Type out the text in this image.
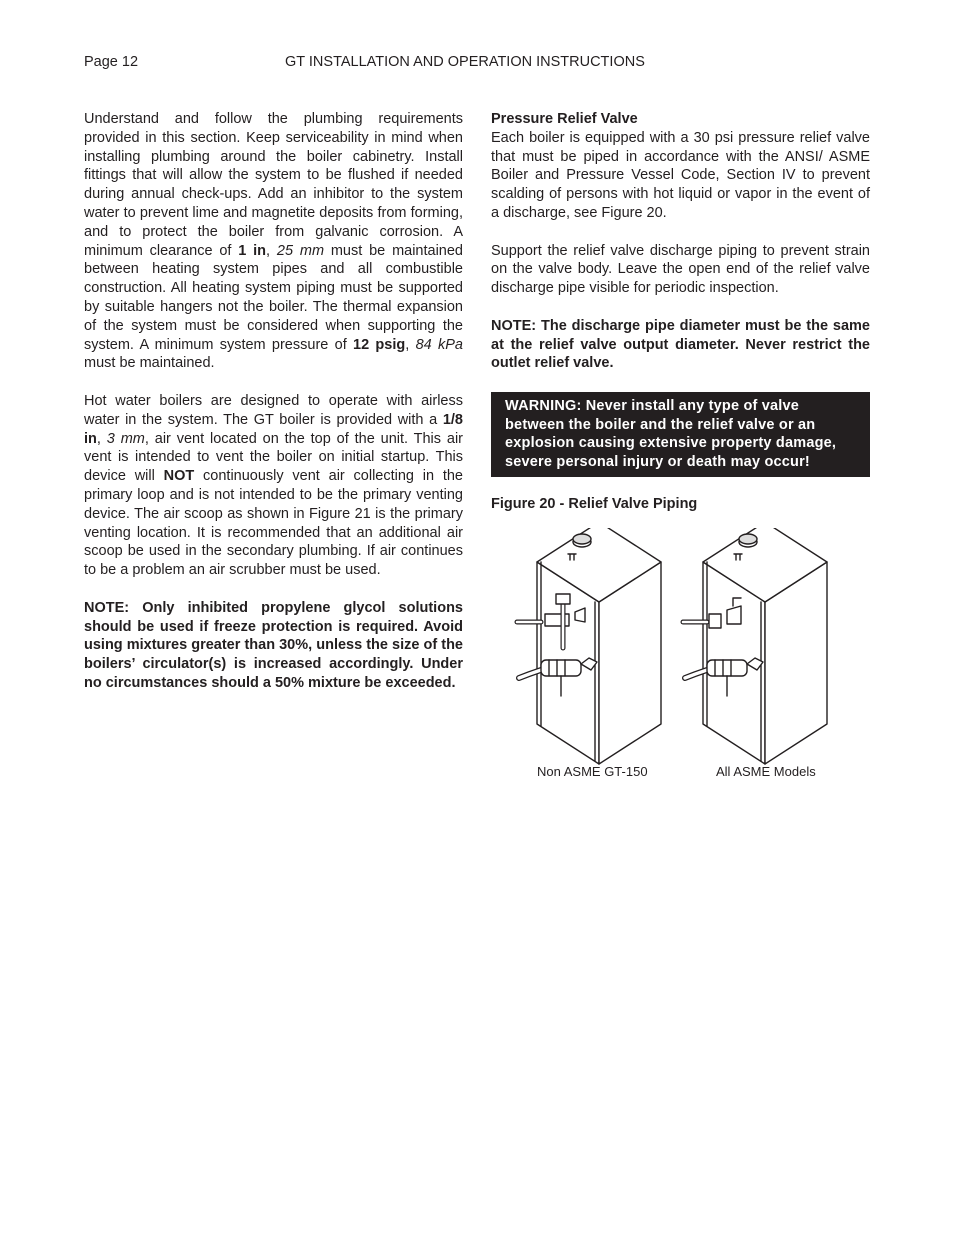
Page 12	GT INSTALLATION AND OPERATION INSTRUCTIONS

Understand and follow the plumbing requirements provided in this section. Keep serviceability in mind when installing plumbing around the boiler cabinetry. Install fittings that will allow the system to be flushed if needed during annual check-ups. Add an inhibitor to the system water to prevent lime and magnetite deposits from forming, and to protect the boiler from galvanic corrosion. A minimum clearance of 1 in, 25 mm must be maintained between heating system pipes and all combustible construction. All heating system piping must be supported by suitable hangers not the boiler. The thermal expansion of the system must be considered when supporting the system. A minimum system pressure of 12 psig, 84 kPa must be maintained.

Hot water boilers are designed to operate with airless water in the system. The GT boiler is provided with a 1/8 in, 3 mm, air vent located on the top of the unit. This air vent is intended to vent the boiler on initial startup. This device will NOT continuously vent air collecting in the primary loop and is not intended to be the primary venting device. The air scoop as shown in Figure 21 is the primary venting location. It is recommended that an additional air scoop be used in the secondary plumbing. If air continues to be a problem an air scrubber must be used.

NOTE: Only inhibited propylene glycol solutions should be used if freeze protection is required. Avoid using mixtures greater than 30%, unless the size of the boilers’ circulator(s) is increased accordingly. Under no circumstances should a 50% mixture be exceeded.

Pressure Relief Valve

Each boiler is equipped with a 30 psi pressure relief valve that must be piped in accordance with the ANSI/ ASME Boiler and Pressure Vessel Code, Section IV to prevent scalding of persons with hot liquid or vapor in the event of a discharge, see Figure 20.

Support the relief valve discharge piping to prevent strain on the valve body. Leave the open end of the relief valve discharge pipe visible for periodic inspection.

NOTE: The discharge pipe diameter must be the same at the relief valve output diameter. Never restrict the outlet relief valve.

WARNING: Never install any type of valve between the boiler and the relief valve or an explosion causing extensive property damage, severe personal injury or death may occur!
Figure 20 - Relief Valve Piping
Non ASME GT-150	All ASME Models
